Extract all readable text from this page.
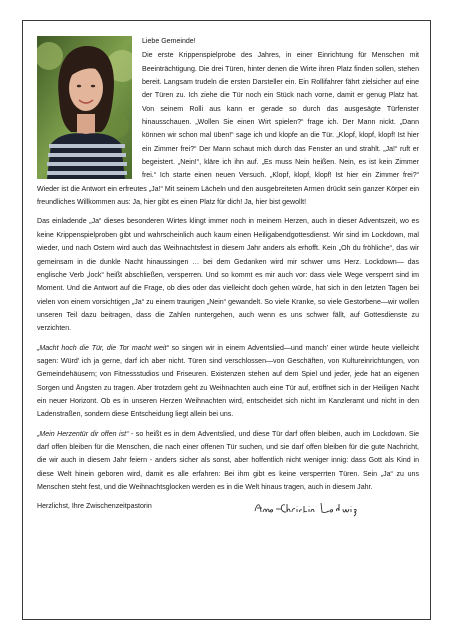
Liebe Gemeinde!

Die erste Krippenspielprobe des Jahres, in einer Einrichtung für Menschen mit Beeinträchtigung. Die drei Türen, hinter denen die Wirte ihren Platz finden sollen, stehen bereit. Langsam trudeln die ersten Darsteller ein. Ein Rollifahrer fährt zielsicher auf eine der Türen zu. Ich ziehe die Tür noch ein Stück nach vorne, damit er genug Platz hat. Von seinem Rolli aus kann er gerade so durch das ausgesägte Türfenster hinausschauen. „Wollen Sie einen Wirt spielen?“ frage ich. Der Mann nickt. „Dann können wir schon mal üben!“ sage ich und klopfe an die Tür. „Klopf, klopf, klopf! Ist hier ein Zimmer frei?“ Der Mann schaut mich durch das Fenster an und strahlt. „Ja!“ ruft er begeistert. „Nein!“, kläre ich ihn auf. „Es muss Nein heißen. Nein, es ist kein Zimmer frei.“ Ich starte einen neuen Versuch. „Klopf, klopf, klopf! Ist hier ein Zimmer frei?“ Wieder ist die Antwort ein erfreutes „Ja!“ Mit seinem Lächeln und den ausgebreiteten Armen drückt sein ganzer Körper ein freundliches Willkommen aus: Ja, hier gibt es einen Platz für dich! Ja, hier bist gewollt!

Das einladende „Ja“ dieses besonderen Wirtes klingt immer noch in meinem Herzen, auch in dieser Adventszeit, wo es keine Krippenspielproben gibt und wahrscheinlich auch kaum einen Heiligabendgottesdienst. Wir sind im Lockdown, mal wieder, und nach Ostern wird auch das Weihnachtsfest in diesem Jahr anders als erhofft. Kein „Oh du fröhliche“, das wir gemeinsam in die dunkle Nacht hinaussingen … bei dem Gedanken wird mir schwer ums Herz. Lockdown— das englische Verb „lock“ heißt abschließen, versperren. Und so kommt es mir auch vor: dass viele Wege versperrt sind im Moment. Und die Antwort auf die Frage, ob dies oder das vielleicht doch gehen würde, hat sich in den letzten Tagen bei vielen von einem vorsichtigen „Ja“ zu einem traurigen „Nein“ gewandelt. So viele Kranke, so viele Gestorbene—wir wollen unseren Teil dazu beitragen, dass die Zahlen runtergehen, auch wenn es uns schwer fällt, auf Gottesdienste zu verzichten.

„Macht hoch die Tür, die Tor macht weit“ so singen wir in einem Adventslied—und manch' einer würde heute vielleicht sagen: Würd' ich ja gerne, darf ich aber nicht. Türen sind verschlossen—von Geschäften, von Kultureinrichtungen, von Gemeindehäusern; von Fitnessstudios und Friseuren. Existenzen stehen auf dem Spiel und jeder, jede hat an eigenen Sorgen und Ängsten zu tragen. Aber trotzdem geht zu Weihnachten auch eine Tür auf, eröffnet sich in der Heiligen Nacht ein neuer Horizont. Ob es in unseren Herzen Weihnachten wird, entscheidet sich nicht im Kanzleramt und nicht in den Ladenstraßen, sondern diese Entscheidung liegt allein bei uns.

„Mein Herzentür dir offen ist“ - so heißt es in dem Adventslied, und diese Tür darf offen bleiben, auch im Lockdown. Sie darf offen bleiben für die Menschen, die nach einer offenen Tür suchen, und sie darf offen bleiben für die gute Nachricht, die wir auch in diesem Jahr feiern - anders sicher als sonst, aber hoffentlich nicht weniger innig: dass Gott als Kind in diese Welt hinein geboren wird, damit es alle erfahren: Bei ihm gibt es keine versperrten Türen. Sein „Ja“ zu uns Menschen steht fest, und die Weihnachtsglocken werden es in die Welt hinaus tragen, auch in diesem Jahr.

Herzlichst, Ihre Zwischenzeitpastorin
